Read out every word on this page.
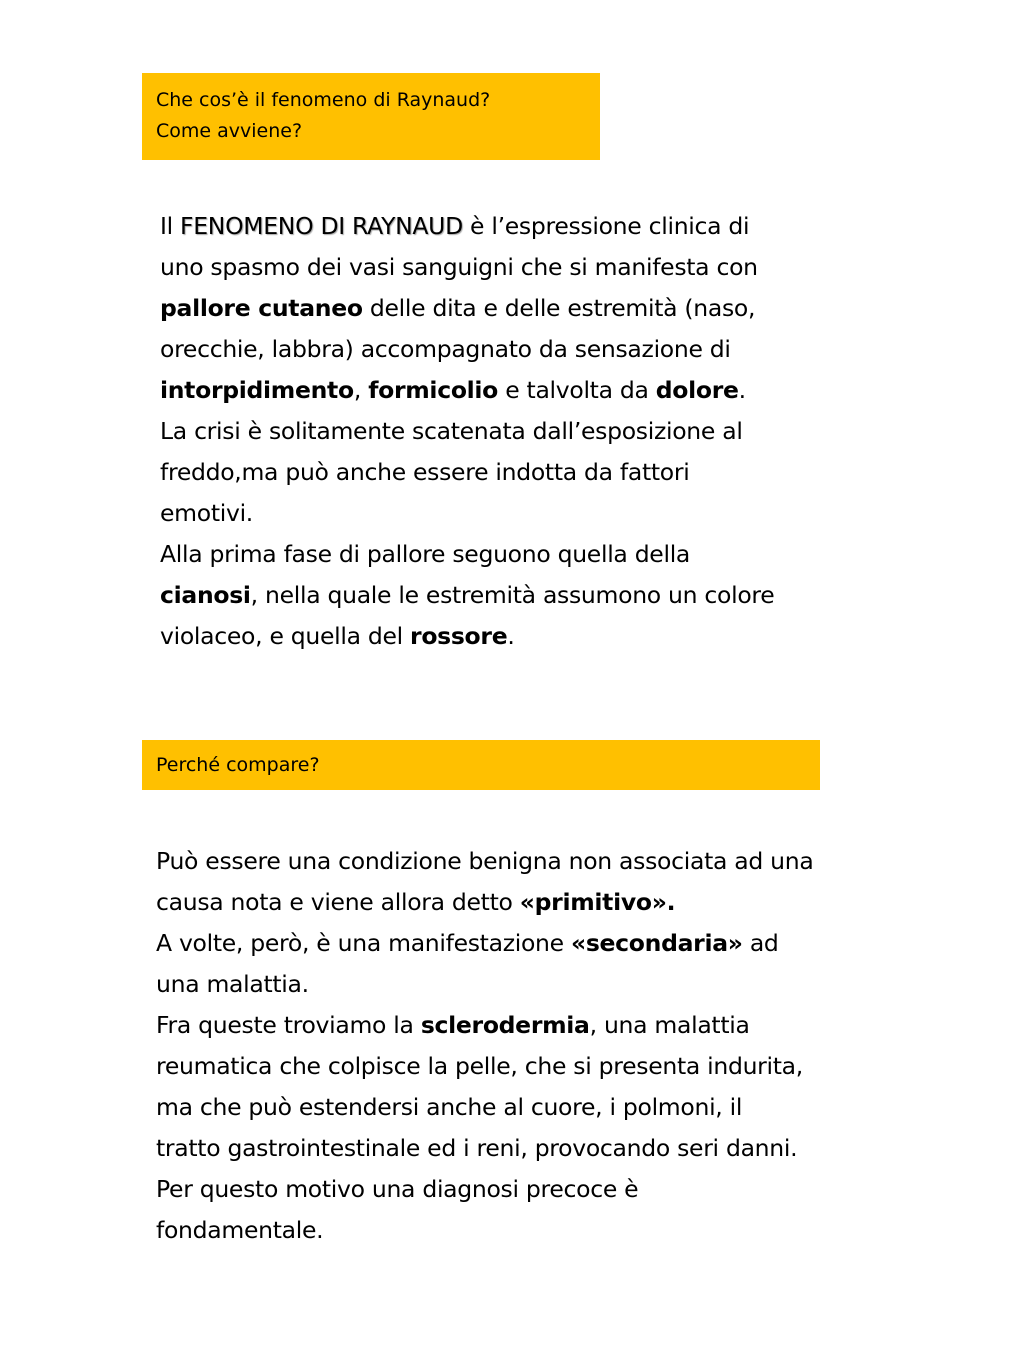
Che cos’è il fenomeno di Raynaud?
Come avviene?
Il FENOMENO DI RAYNAUD è l’espressione clinica di
uno spasmo dei vasi sanguigni che si manifesta con
pallore cutaneo delle dita e delle estremità (naso,
orecchie, labbra) accompagnato da sensazione di
intorpidimento, formicolio e talvolta da dolore.
La crisi è solitamente scatenata dall’esposizione al
freddo,ma può anche essere indotta da fattori
emotivi.
Alla prima fase di pallore seguono quella della
cianosi, nella quale le estremità assumono un colore
violaceo, e quella del rossore.
Perché compare?
Può essere una condizione benigna non associata ad una
causa nota e viene allora detto «primitivo».
A volte, però, è una manifestazione «secondaria» ad
una malattia.
Fra queste troviamo la sclerodermia, una malattia
reumatica che colpisce la pelle, che si presenta indurita,
ma che può estendersi anche al cuore, i polmoni, il
tratto gastrointestinale ed i reni, provocando seri danni.
Per questo motivo una diagnosi precoce è
fondamentale.
